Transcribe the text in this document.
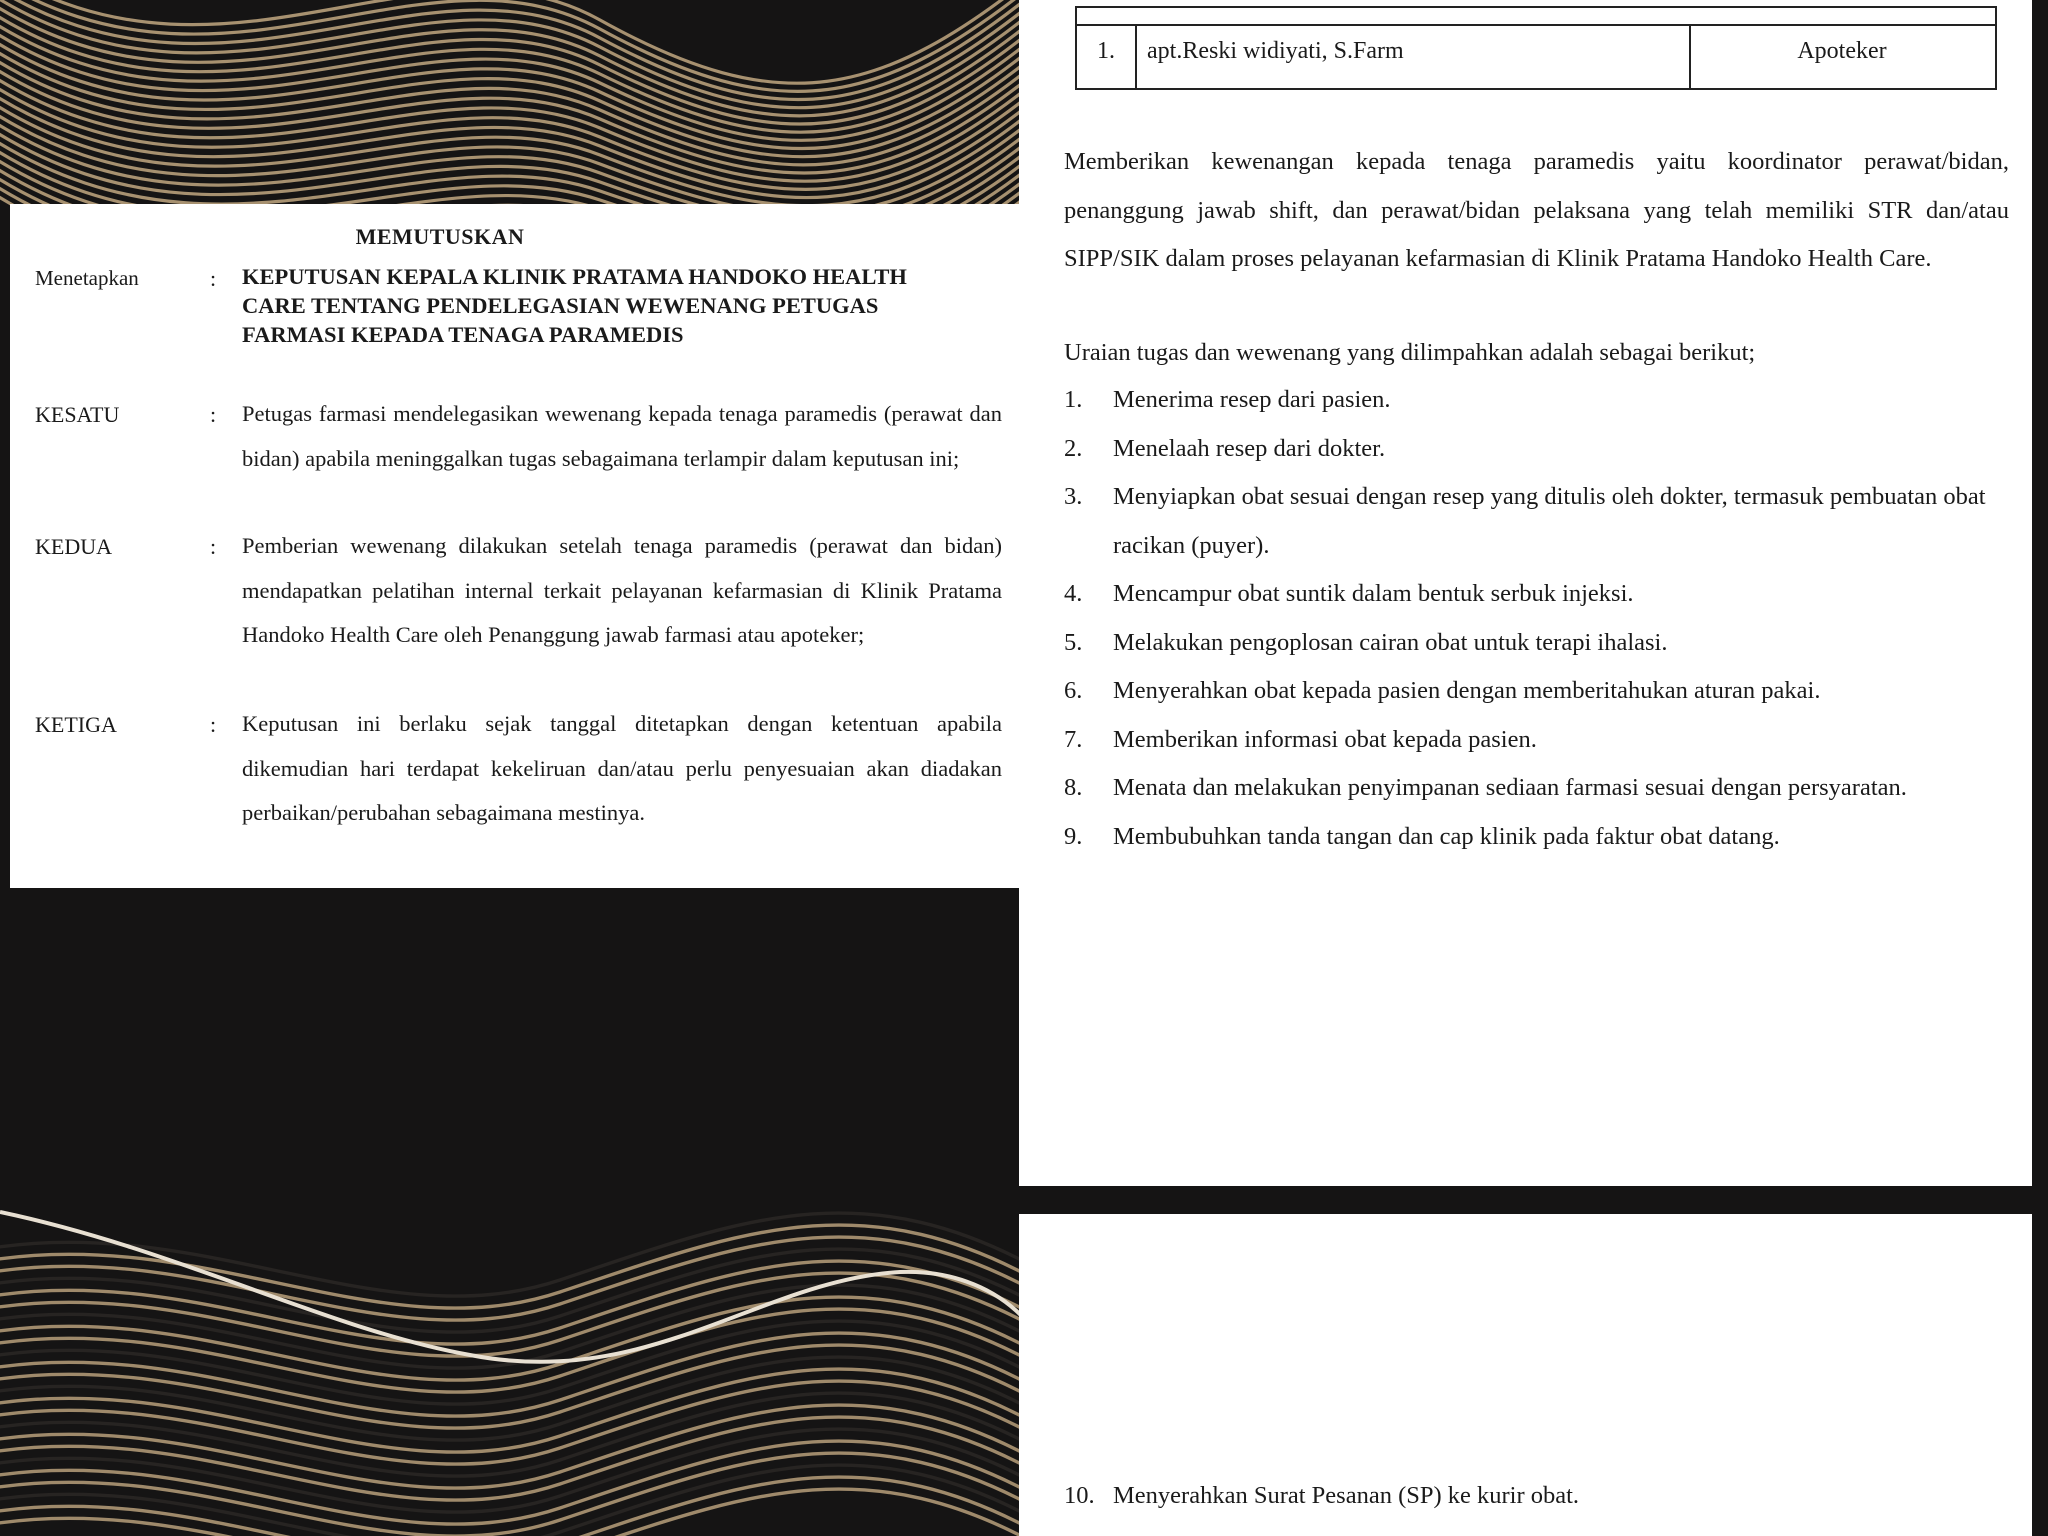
MEMUTUSKAN
Menetapkan	: KEPUTUSAN KEPALA KLINIK PRATAMA HANDOKO HEALTH CARE TENTANG PENDELEGASIAN WEWENANG PETUGAS FARMASI KEPADA TENAGA PARAMEDIS
KESATU	: Petugas farmasi mendelegasikan wewenang kepada tenaga paramedis (perawat dan bidan) apabila meninggalkan tugas sebagaimana terlampir dalam keputusan ini;
KEDUA	: Pemberian wewenang dilakukan setelah tenaga paramedis (perawat dan bidan) mendapatkan pelatihan internal terkait pelayanan kefarmasian di Klinik Pratama Handoko Health Care oleh Penanggung jawab farmasi atau apoteker;
KETIGA	: Keputusan ini berlaku sejak tanggal ditetapkan dengan ketentuan apabila dikemudian hari terdapat kekeliruan dan/atau perlu penyesuaian akan diadakan perbaikan/perubahan sebagaimana mestinya.
1. apt.Reski widiyati, S.Farm	Apoteker
Memberikan kewenangan kepada tenaga paramedis yaitu koordinator perawat/bidan, penanggung jawab shift, dan perawat/bidan pelaksana yang telah memiliki STR dan/atau SIPP/SIK dalam proses pelayanan kefarmasian di Klinik Pratama Handoko Health Care.
Uraian tugas dan wewenang yang dilimpahkan adalah sebagai berikut;
1.	Menerima resep dari pasien.
2.	Menelaah resep dari dokter.
3.	Menyiapkan obat sesuai dengan resep yang ditulis oleh dokter, termasuk pembuatan obat racikan (puyer).
4.	Mencampur obat suntik dalam bentuk serbuk injeksi.
5.	Melakukan pengoplosan cairan obat untuk terapi ihalasi.
6.	Menyerahkan obat kepada pasien dengan memberitahukan aturan pakai.
7.	Memberikan informasi obat kepada pasien.
8.	Menata dan melakukan penyimpanan sediaan farmasi sesuai dengan persyaratan.
9.	Membubuhkan tanda tangan dan cap klinik pada faktur obat datang.
10. Menyerahkan Surat Pesanan (SP) ke kurir obat.
